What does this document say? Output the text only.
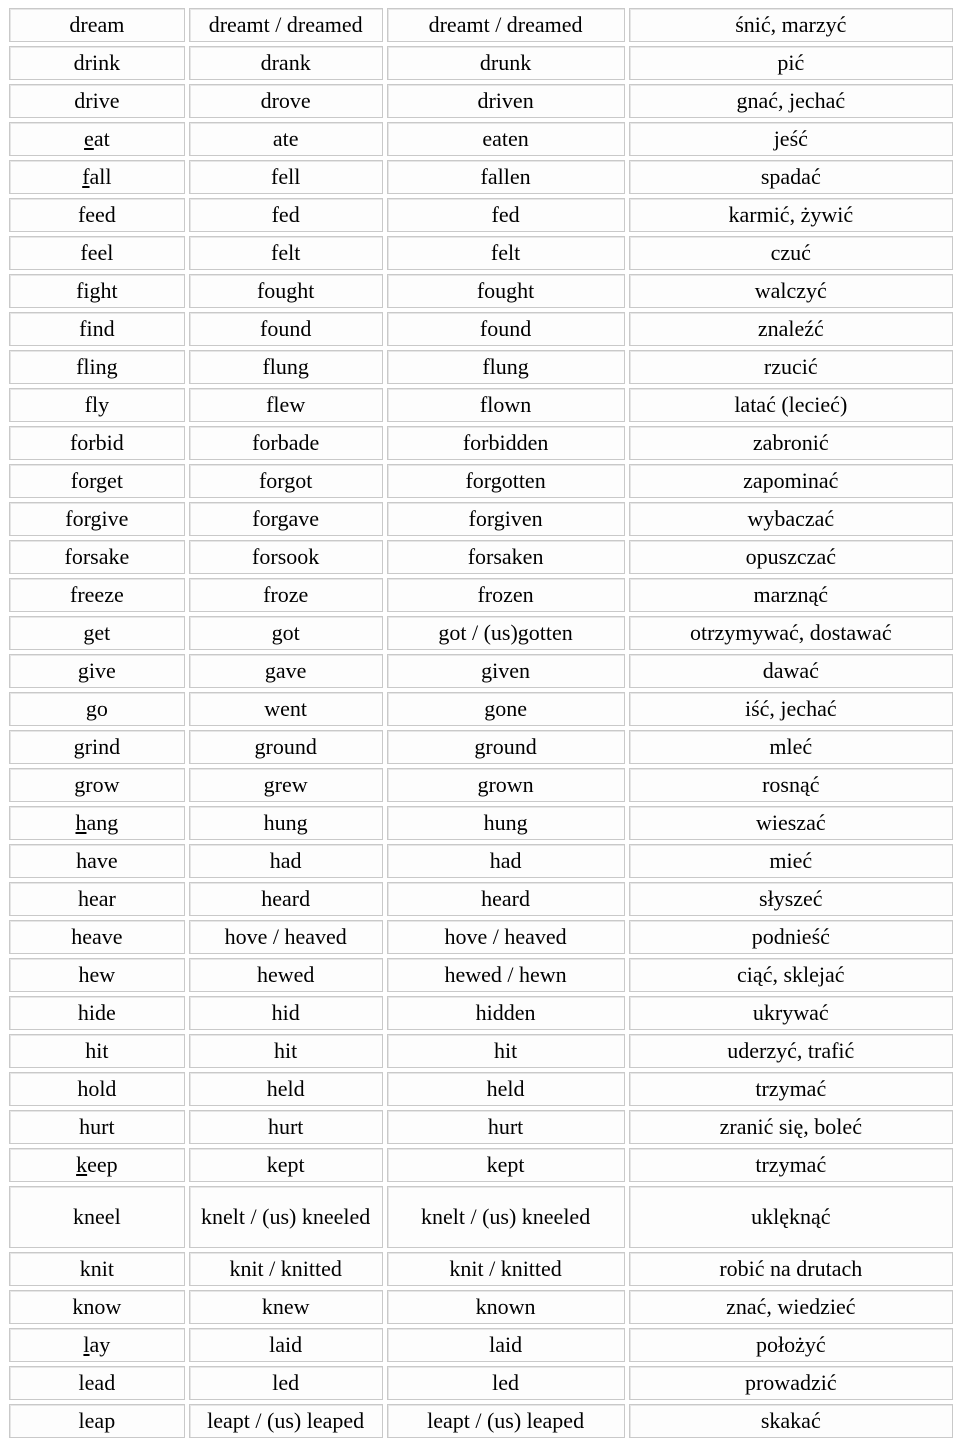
dream	dreamt / dreamed	dreamt / dreamed	śnić, marzyć
drink	drank	drunk	pić
drive	drove	driven	gnać, jechać
eat	ate	eaten	jeść
fall	fell	fallen	spadać
feed	fed	fed	karmić, żywić
feel	felt	felt	czuć
fight	fought	fought	walczyć
find	found	found	znaleźć
fling	flung	flung	rzucić
fly	flew	flown	latać (lecieć)
forbid	forbade	forbidden	zabronić
forget	forgot	forgotten	zapominać
forgive	forgave	forgiven	wybaczać
forsake	forsook	forsaken	opuszczać
freeze	froze	frozen	marznąć
get	got	got / (us)gotten	otrzymywać, dostawać
give	gave	given	dawać
go	went	gone	iść, jechać
grind	ground	ground	mleć
grow	grew	grown	rosnąć
hang	hung	hung	wieszać
have	had	had	mieć
hear	heard	heard	słyszeć
heave	hove / heaved	hove / heaved	podnieść
hew	hewed	hewed / hewn	ciąć, sklejać
hide	hid	hidden	ukrywać
hit	hit	hit	uderzyć, trafić
hold	held	held	trzymać
hurt	hurt	hurt	zranić się, boleć
keep	kept	kept	trzymać
kneel	knelt / (us) kneeled	knelt / (us) kneeled	uklęknąć
knit	knit / knitted	knit / knitted	robić na drutach
know	knew	known	znać, wiedzieć
lay	laid	laid	położyć
lead	led	led	prowadzić
leap	leapt / (us) leaped	leapt / (us) leaped	skakać
